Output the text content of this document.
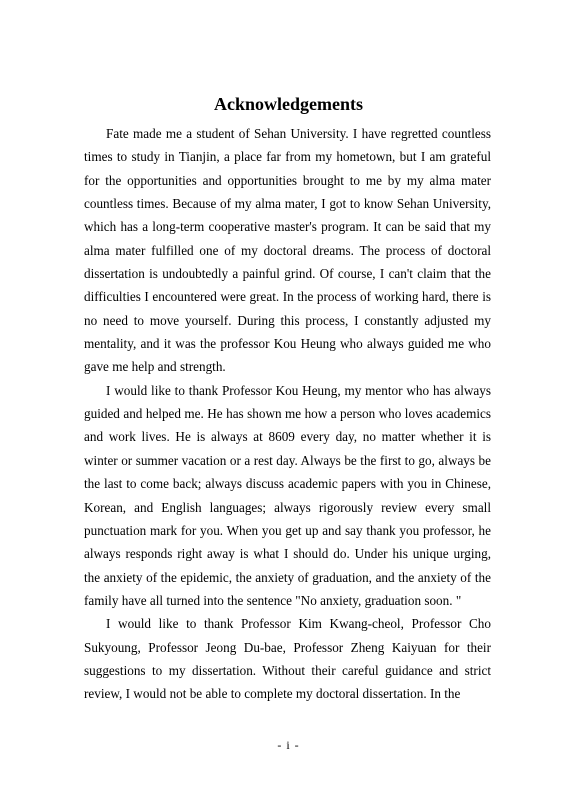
Acknowledgements

Fate made me a student of Sehan University. I have regretted countless times to study in Tianjin, a place far from my hometown, but I am grateful for the opportunities and opportunities brought to me by my alma mater countless times. Because of my alma mater, I got to know Sehan University, which has a long-term cooperative master's program. It can be said that my alma mater fulfilled one of my doctoral dreams. The process of doctoral dissertation is undoubtedly a painful grind. Of course, I can't claim that the difficulties I encountered were great. In the process of working hard, there is no need to move yourself. During this process, I constantly adjusted my mentality, and it was the professor Kou Heung who always guided me who gave me help and strength.

I would like to thank Professor Kou Heung, my mentor who has always guided and helped me. He has shown me how a person who loves academics and work lives. He is always at 8609 every day, no matter whether it is winter or summer vacation or a rest day. Always be the first to go, always be the last to come back; always discuss academic papers with you in Chinese, Korean, and English languages; always rigorously review every small punctuation mark for you. When you get up and say thank you professor, he always responds right away is what I should do. Under his unique urging, the anxiety of the epidemic, the anxiety of graduation, and the anxiety of the family have all turned into the sentence "No anxiety, graduation soon. "

I would like to thank Professor Kim Kwang-cheol, Professor Cho Sukyoung, Professor Jeong Du-bae, Professor Zheng Kaiyuan for their suggestions to my dissertation. Without their careful guidance and strict review, I would not be able to complete my doctoral dissertation. In the

- i -
